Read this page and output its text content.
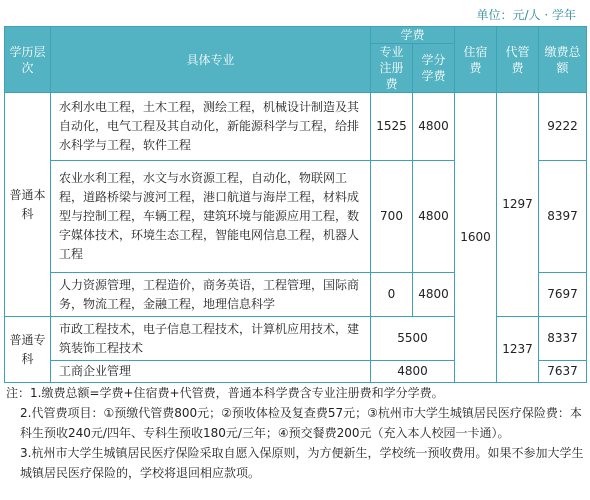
单位：元/人 · 学年
学历层次	具体专业	学费		住宿费	代管费	缴费总额
		专业注册费	学分学费			
普通本科	水利水电工程，土木工程，测绘工程，机械设计制造及其自动化，电气工程及其自动化，新能源科学与工程，给排水科学与工程，软件工程	1525	4800	1600	1297	9222
	农业水利工程，水文与水资源工程，自动化，物联网工程，道路桥梁与渡河工程，港口航道与海岸工程，材料成型与控制工程，车辆工程，建筑环境与能源应用工程，数字媒体技术，环境生态工程，智能电网信息工程，机器人工程	700	4800			8397
	人力资源管理，工程造价，商务英语，工程管理，国际商务，物流工程，金融工程，地理信息科学	0	4800			7697
普通专科	市政工程技术，电子信息工程技术，计算机应用技术，建筑装饰工程技术	5500			1237	8337
	工商企业管理	4800				7637

注：1.缴费总额=学费+住宿费+代管费，普通本科学费含专业注册费和学分学费。

2.代管费项目：①预缴代管费800元；②预收体检及复查费57元；③杭州市大学生城镇居民医疗保险费：本科生预收240元/四年、专科生预收180元/三年；④预交餐费200元（充入本人校园一卡通）。

3.杭州市大学生城镇居民医疗保险采取自愿入保原则，为方便新生，学校统一预收费用。如果不参加大学生城镇居民医疗保险的，学校将退回相应款项。
